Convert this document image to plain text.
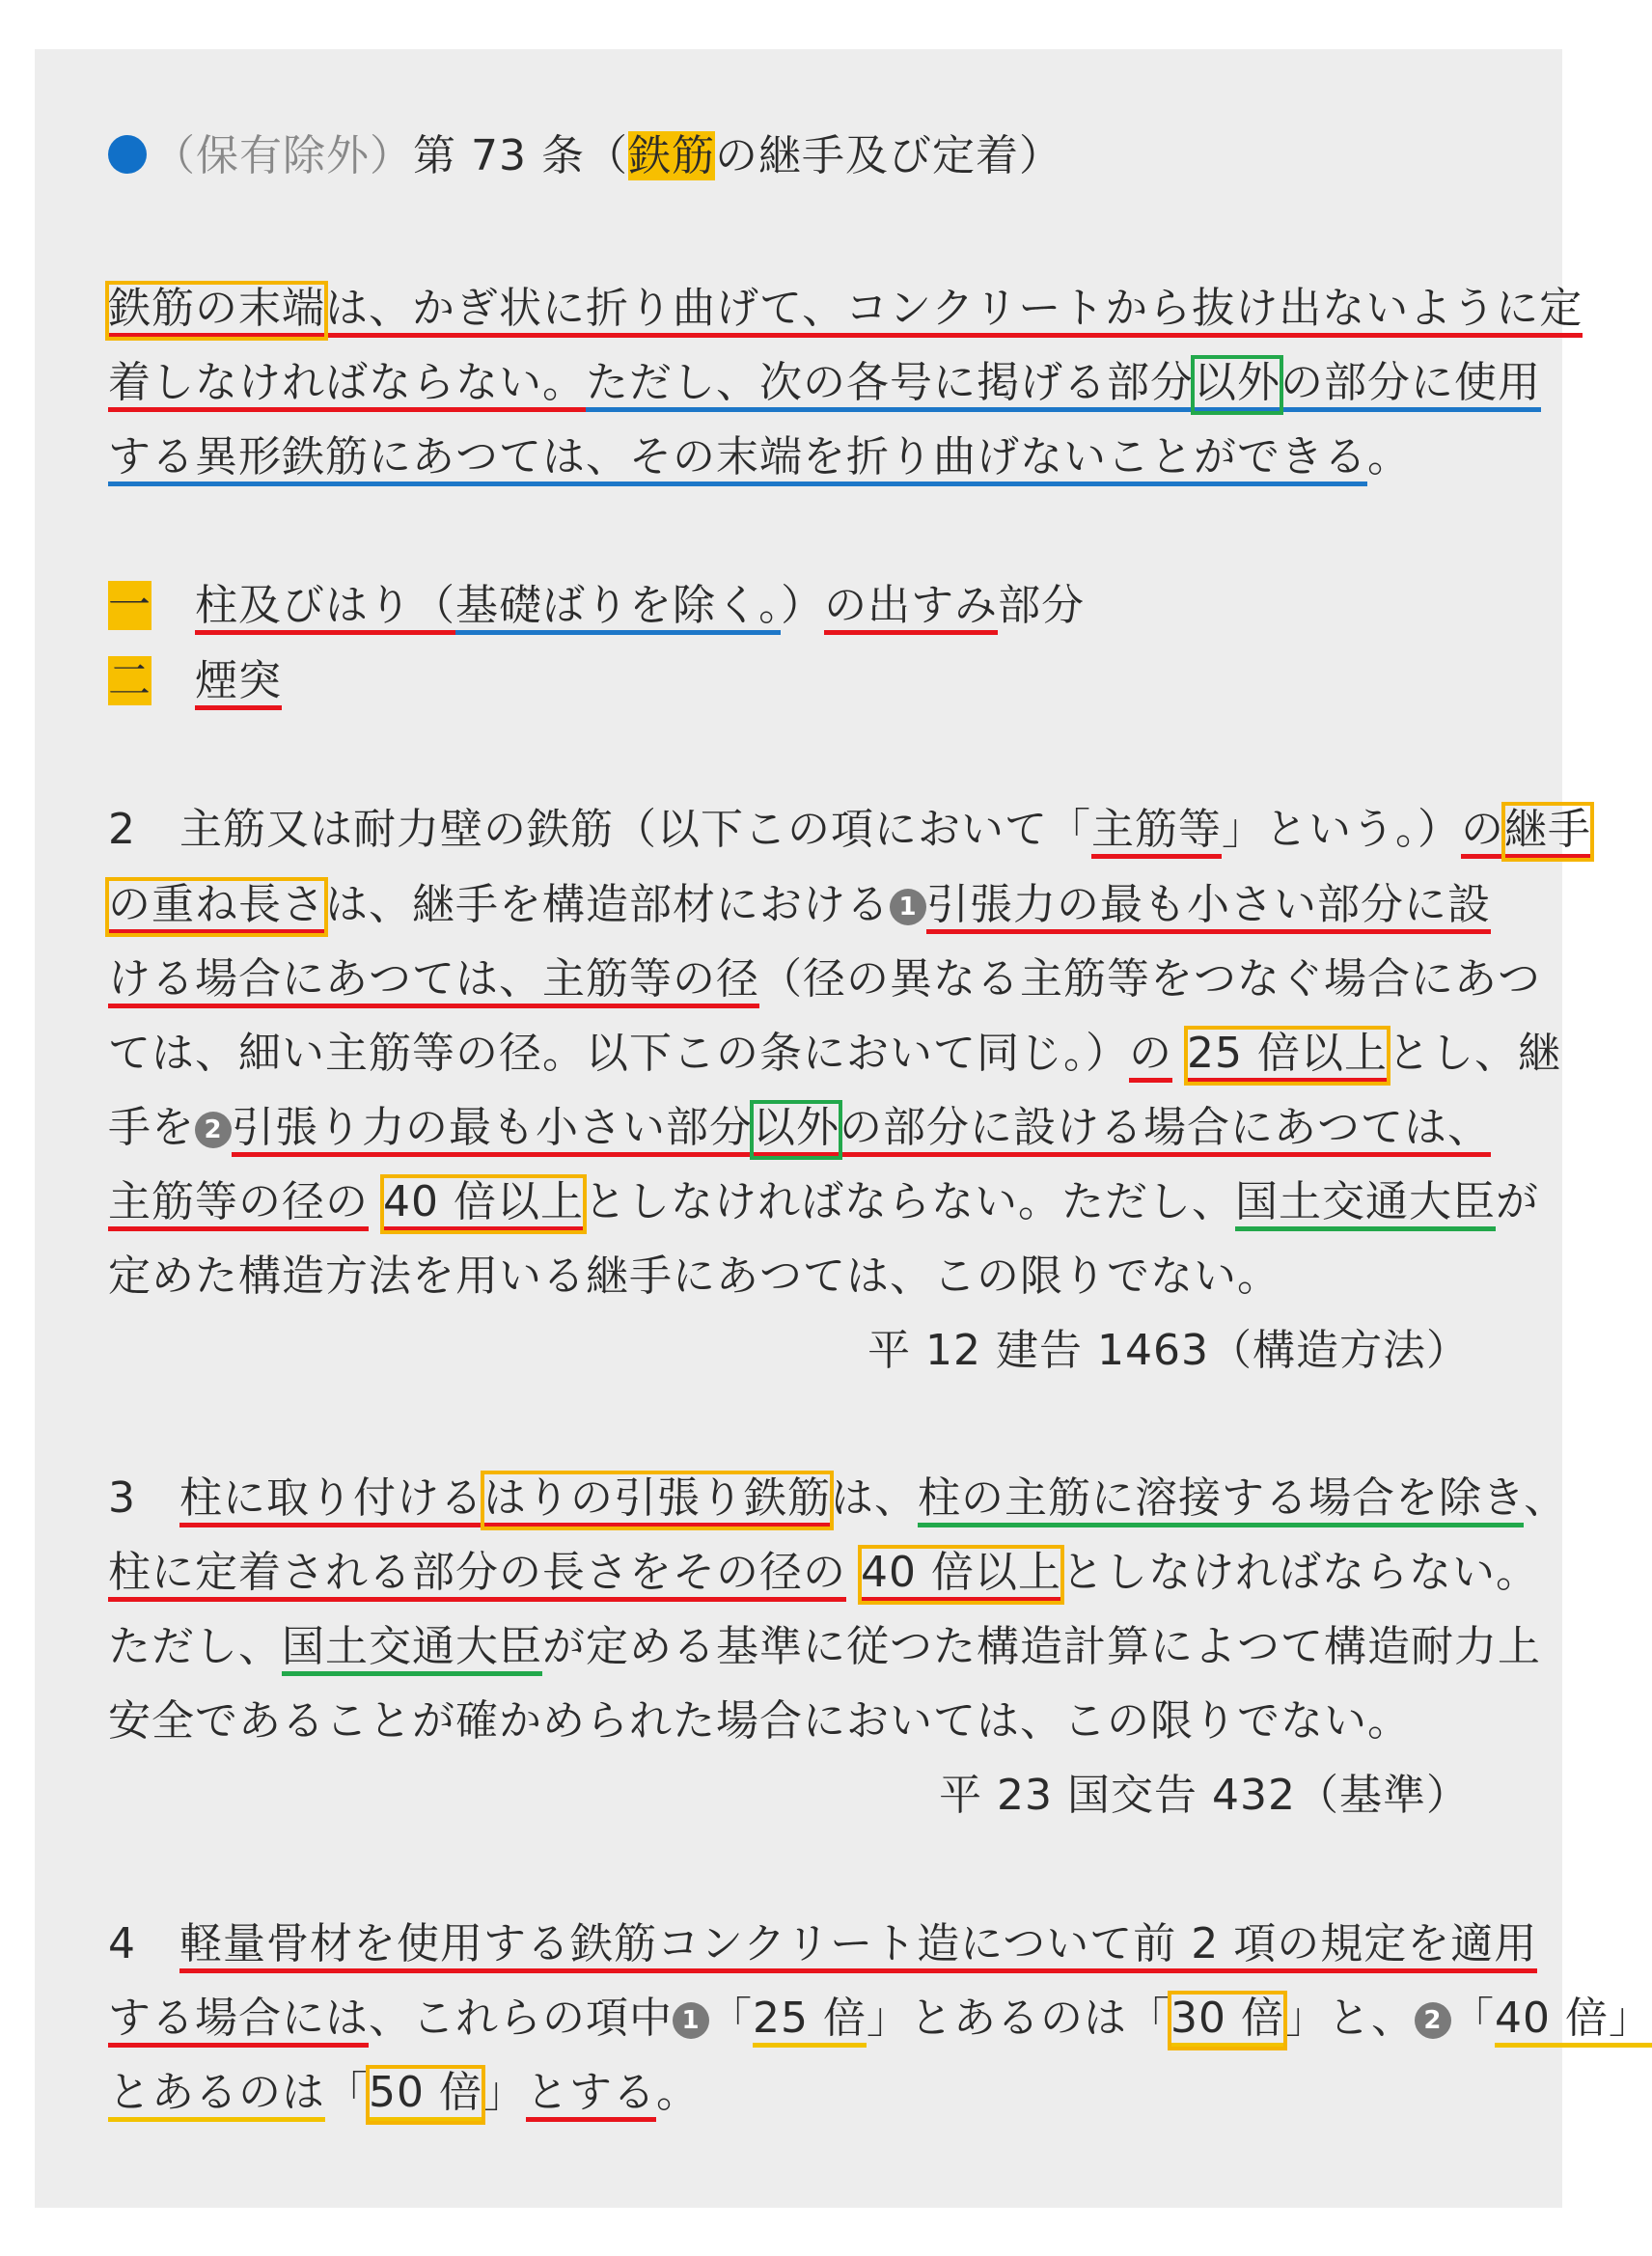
（保有除外）第 73 条（鉄筋の継手及び定着）
鉄筋の末端は、かぎ状に折り曲げて、コンクリートから抜け出ないように定
着しなければならない。ただし、次の各号に掲げる部分以外の部分に使用
する異形鉄筋にあつては、その末端を折り曲げないことができる。
一　 柱及びはり（基礎ばりを除く。）の出すみ部分
二　 煙突
2　主筋又は耐力壁の鉄筋（以下この項において「主筋等」という。）の継手
の重ね長さは、継手を構造部材における 1 引張力の最も小さい部分に設
ける場合にあつては、主筋等の径（径の異なる主筋等をつなぐ場合にあつ
ては、細い主筋等の径。以下この条において同じ。）の 25 倍以上とし、継
手を 2 引張り力の最も小さい部分以外の部分に設ける場合にあつては、
主筋等の径の 40 倍以上としなければならない。ただし、国土交通大臣が
定めた構造方法を用いる継手にあつては、この限りでない。
平 12 建告 1463（構造方法）
3　柱に取り付けるはりの引張り鉄筋は、柱の主筋に溶接する場合を除き、
柱に定着される部分の長さをその径の 40 倍以上としなければならない。
ただし、国土交通大臣が定める基準に従つた構造計算によつて構造耐力上
安全であることが確かめられた場合においては、この限りでない。
平 23 国交告 432（基準）
4　軽量骨材を使用する鉄筋コンクリート造について前 2 項の規定を適用
する場合には、これらの項中 1 「25 倍」とあるのは「30 倍」と、 2 「40 倍」
とあるのは「50 倍」とする。
